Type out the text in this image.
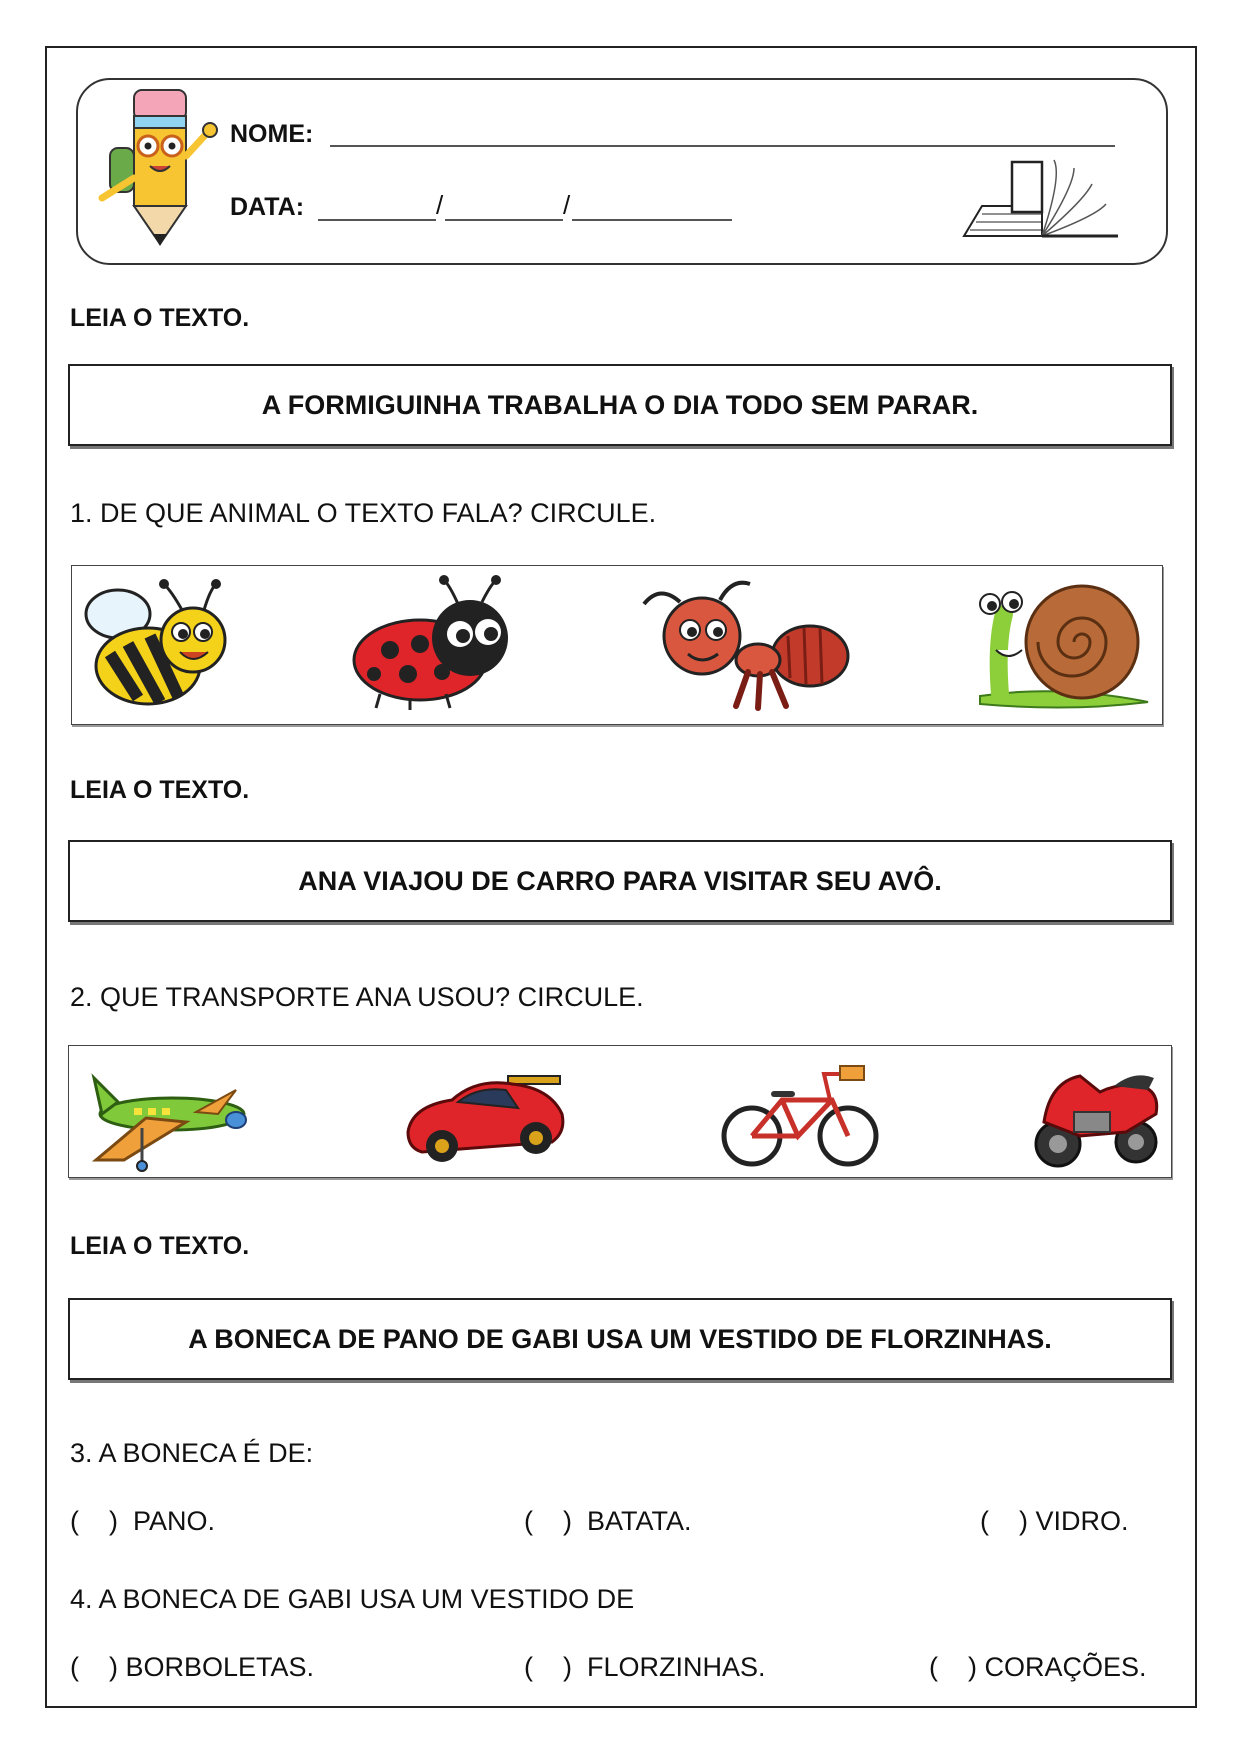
NOME:
DATA:	/	/
LEIA O TEXTO.
A FORMIGUINHA TRABALHA O DIA TODO SEM PARAR.
1. DE QUE ANIMAL O TEXTO FALA? CIRCULE.
LEIA O TEXTO.
ANA VIAJOU DE CARRO PARA VISITAR SEU AVÔ.
2. QUE TRANSPORTE ANA USOU? CIRCULE.
LEIA O TEXTO.
A BONECA DE PANO DE GABI USA UM VESTIDO DE FLORZINHAS.
3. A BONECA É DE:
(    )  PANO.	(    )  BATATA.	(    ) VIDRO.
4. A BONECA DE GABI USA UM VESTIDO DE
(    ) BORBOLETAS.	(    )  FLORZINHAS.	(    ) CORAÇÕES.
